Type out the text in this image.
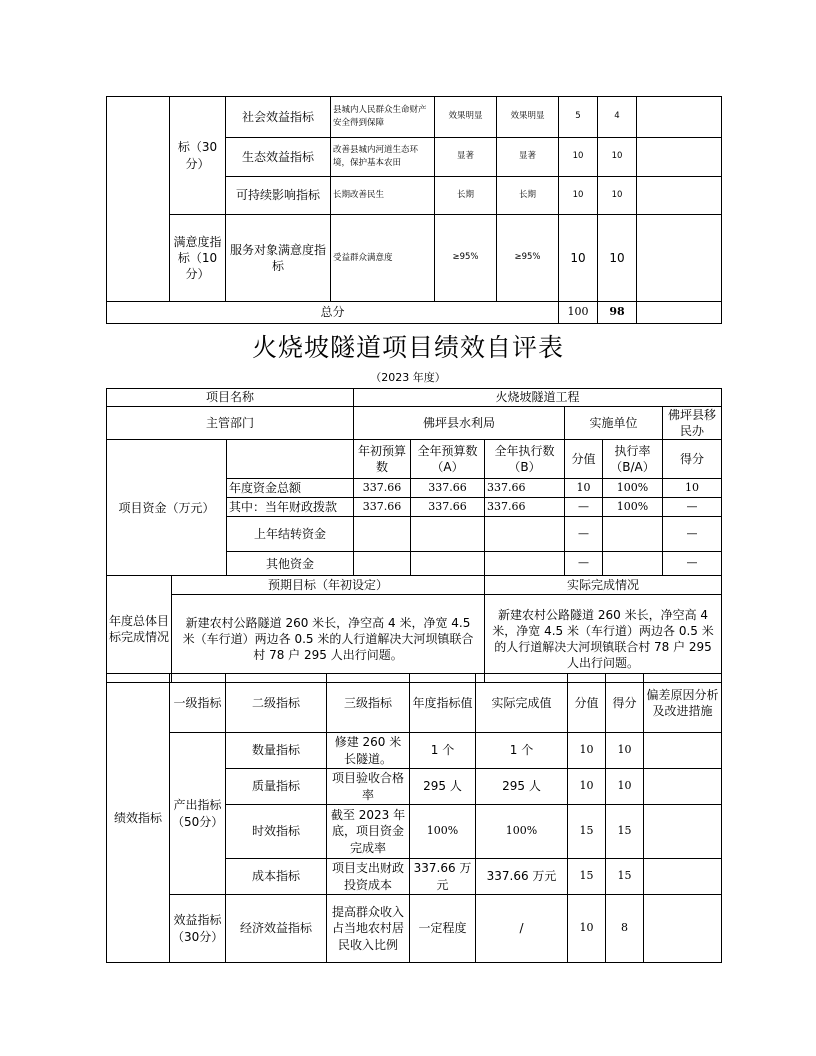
	标（30分）	社会效益指标	县城内人民群众生命财产安全得到保障	效果明显	效果明显	5	4	
		生态效益指标	改善县城内河道生态环境，保护基本农田	显著	显著	10	10	
		可持续影响指标	长期改善民生	长期	长期	10	10	
	满意度指标（10分）	服务对象满意度指标	受益群众满意度	≥95%	≥95%	10	10	
总分						100	98	
火烧坡隧道项目绩效自评表
（2023 年度）
项目名称			火烧坡隧道工程					
主管部门			佛坪县水利局			实施单位		佛坪县移民办
项目资金（万元）			年初预算数	全年预算数（A）	全年执行数（B）	分值	执行率（B/A）	得分
		年度资金总额	337.66	337.66	337.66	10	100%	10
		其中：当年财政拨款	337.66	337.66	337.66	—	100%	—
		上年结转资金				—		—
		其他资金				—		—
年度总体目标完成情况	预期目标（年初设定）				实际完成情况			
	新建农村公路隧道 260 米长，净空高 4 米，净宽 4.5 米（车行道）两边各 0.5 米的人行道解决大河坝镇联合村 78 户 295 人出行问题。				新建农村公路隧道 260 米长，净空高 4 米，净宽 4.5 米（车行道）两边各 0.5 米的人行道解决大河坝镇联合村 78 户 295 人出行问题。			
绩效指标	一级指标	二级指标	三级指标	年度指标值	实际完成值	分值	得分	偏差原因分析及改进措施
	产出指标（50分）	数量指标	修建 260 米长隧道。	1 个	1 个	10	10	
		质量指标	项目验收合格率	295 人	295 人	10	10	
		时效指标	截至 2023 年底，项目资金完成率	100%	100%	15	15	
		成本指标	项目支出财政投资成本	337.66 万元	337.66 万元	15	15	
	效益指标（30分）	经济效益指标	提高群众收入占当地农村居民收入比例	一定程度	/	10	8	
